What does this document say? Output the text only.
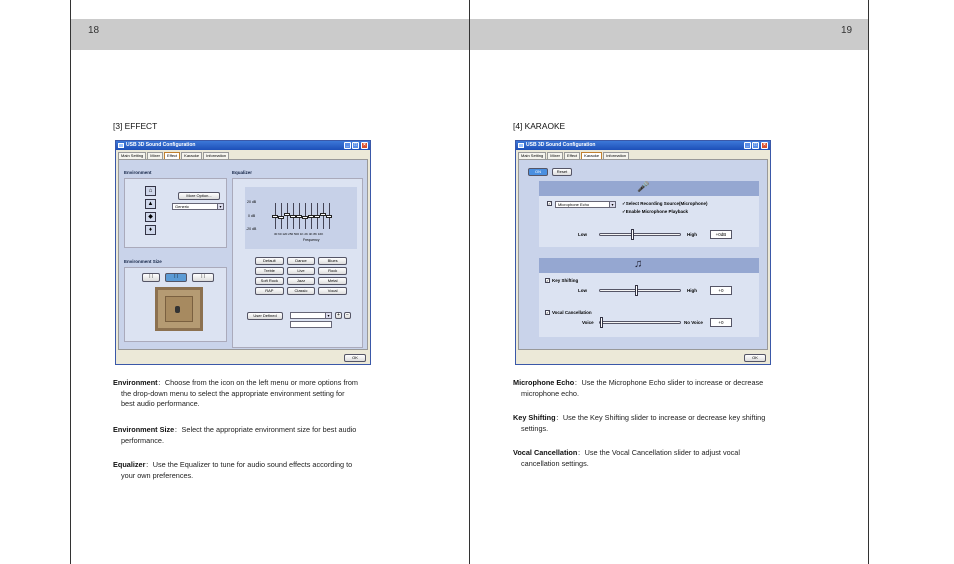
18	19
[3] EFFECT	[4] KARAOKE
USB 3D Sound Configuration	_	□	×
Main Setting	Mixer	Effect	Karaoke	Information
Environment
⌂
▲
◆
♦
More Option...
Generic	▾
Environment Size
∷	∷	∷
Equalizer
20 dB
0 dB
-20 dB
30 60 120 250 500 1K 2K 4K 8K 16K
Frequency
Default	Dance	Blues
Treble	Live	Rock
Soft Rock	Jazz	Metal
RAP	Classic	Vocal
User Defined	▾	+	−
OK
USB 3D Sound Configuration	_	□	×
Main Setting	Mixer	Effect	Karaoke	Information
ON	Reset
🎤
✓	Microphone Echo	▾	✓Select Recording Source(Microphone)
✓Enable Microphone Playback
Low	High	+0dB
♫
✓ Key Shifting
Low	High	+0
✓ Vocal Cancellation
Voice	No Voice	+0
OK
Environment：Choose from the icon on the left menu or more options from
the drop-down menu to select the appropriate environment setting for
best audio performance.
Environment Size：Select the appropriate environment size for best audio
performance.
Equalizer：Use the Equalizer to tune for audio sound effects according to
your own preferences.
Microphone Echo：Use the Microphone Echo slider to increase or decrease
microphone echo.
Key Shifting：Use the Key Shifting slider to increase or decrease key shifting
settings.
Vocal Cancellation：Use the Vocal Cancellation slider to adjust vocal
cancellation settings.
